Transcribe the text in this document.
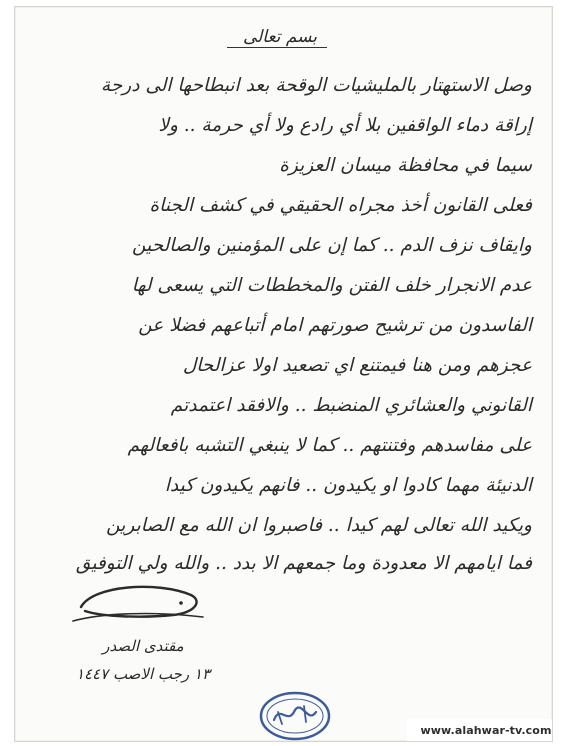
بسم تعالى
وصل الاستهتار بالمليشيات الوقحة بعد انبطاحها الى درجة
إراقة دماء الواقفين بلا أي رادع ولا أي حرمة .. ولا
سيما في محافظة ميسان العزيزة
فعلى القانون أخذ مجراه الحقيقي في كشف الجناة
وايقاف نزف الدم .. كما إن على المؤمنين والصالحين
عدم الانجرار خلف الفتن والمخططات التي يسعى لها
الفاسدون من ترشيح صورتهم امام أتباعهم فضلا عن
عجزهم ومن هنا فيمتنع اي تصعيد اولا عزالحال
القانوني والعشائري المنضبط .. والافقد اعتمدتم
على مفاسدهم وفتنتهم .. كما لا ينبغي التشبه بافعالهم
الدنيئة مهما كادوا او يكيدون .. فانهم يكيدون كيدا
ويكيد الله تعالى لهم كيدا .. فاصبروا ان الله مع الصابرين
فما ايامهم الا معدودة وما جمعهم الا بدد .. والله ولي التوفيق
مقتدى الصدر
١٣ رجب الاصب ١٤٤٧
www.alahwar-tv.com
